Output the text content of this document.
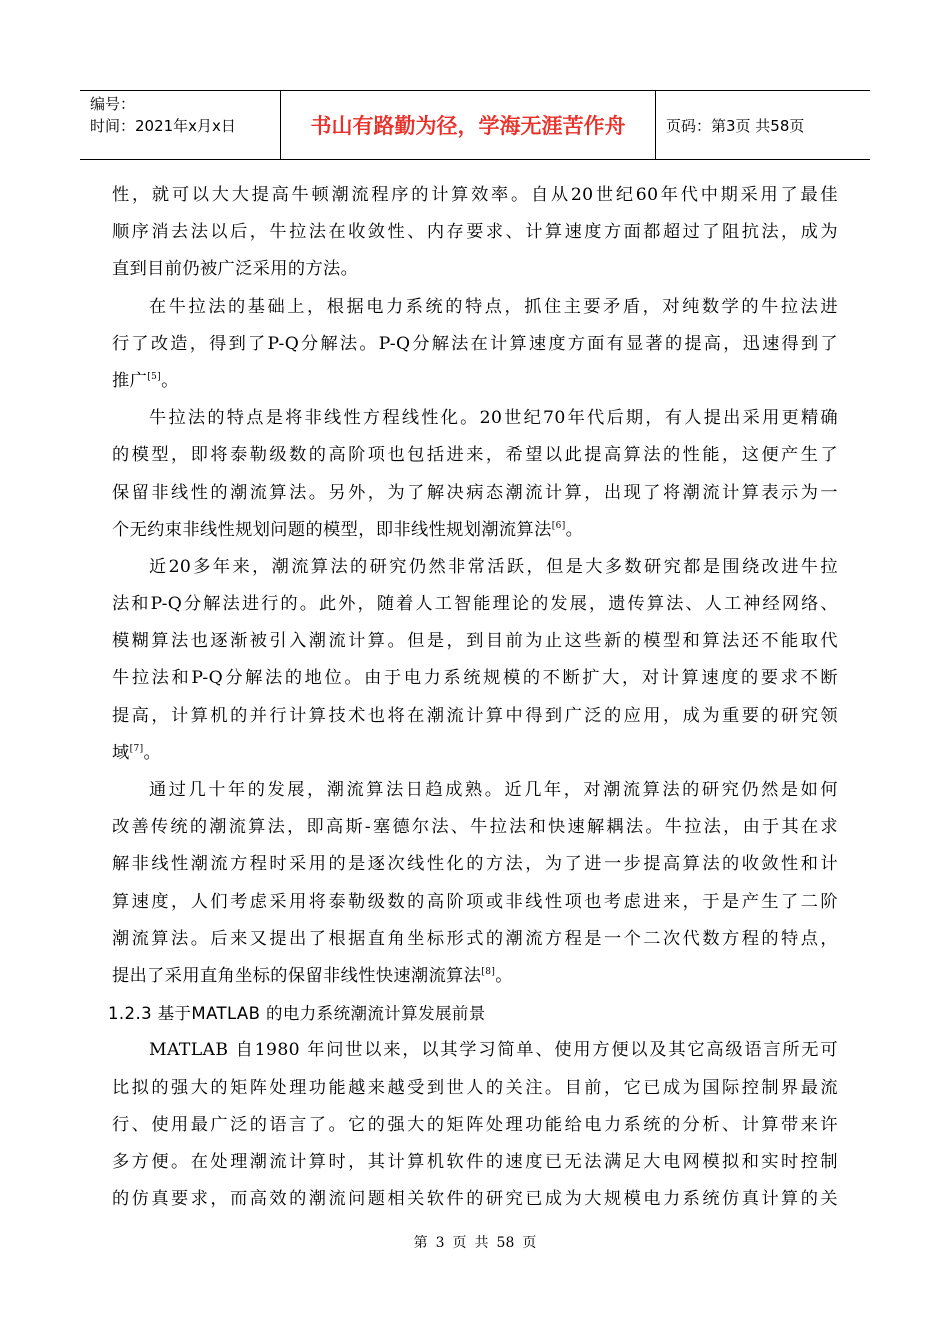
编号：
时间：2021年x月x日	书山有路勤为径，学海无涯苦作舟	页码：第3页 共58页
性，就可以大大提高牛顿潮流程序的计算效率。自从20世纪60年代中期采用了最佳
顺序消去法以后，牛拉法在收敛性、内存要求、计算速度方面都超过了阻抗法，成为
直到目前仍被广泛采用的方法。
在牛拉法的基础上，根据电力系统的特点，抓住主要矛盾，对纯数学的牛拉法进
行了改造，得到了P-Q分解法。P-Q分解法在计算速度方面有显著的提高，迅速得到了
推广[5]。
牛拉法的特点是将非线性方程线性化。20世纪70年代后期，有人提出采用更精确
的模型，即将泰勒级数的高阶项也包括进来，希望以此提高算法的性能，这便产生了
保留非线性的潮流算法。另外，为了解决病态潮流计算，出现了将潮流计算表示为一
个无约束非线性规划问题的模型，即非线性规划潮流算法[6]。
近20多年来，潮流算法的研究仍然非常活跃，但是大多数研究都是围绕改进牛拉
法和P-Q分解法进行的。此外，随着人工智能理论的发展，遗传算法、人工神经网络、
模糊算法也逐渐被引入潮流计算。但是，到目前为止这些新的模型和算法还不能取代
牛拉法和P-Q分解法的地位。由于电力系统规模的不断扩大，对计算速度的要求不断
提高，计算机的并行计算技术也将在潮流计算中得到广泛的应用，成为重要的研究领
域[7]。
通过几十年的发展，潮流算法日趋成熟。近几年，对潮流算法的研究仍然是如何
改善传统的潮流算法，即高斯-塞德尔法、牛拉法和快速解耦法。牛拉法，由于其在求
解非线性潮流方程时采用的是逐次线性化的方法，为了进一步提高算法的收敛性和计
算速度，人们考虑采用将泰勒级数的高阶项或非线性项也考虑进来，于是产生了二阶
潮流算法。后来又提出了根据直角坐标形式的潮流方程是一个二次代数方程的特点，
提出了采用直角坐标的保留非线性快速潮流算法[8]。
1.2.3 基于MATLAB 的电力系统潮流计算发展前景
MATLAB 自1980 年问世以来，以其学习简单、使用方便以及其它高级语言所无可
比拟的强大的矩阵处理功能越来越受到世人的关注。目前，它已成为国际控制界最流
行、使用最广泛的语言了。它的强大的矩阵处理功能给电力系统的分析、计算带来许
多方便。在处理潮流计算时，其计算机软件的速度已无法满足大电网模拟和实时控制
的仿真要求，而高效的潮流问题相关软件的研究已成为大规模电力系统仿真计算的关
第 3 页 共 58 页
